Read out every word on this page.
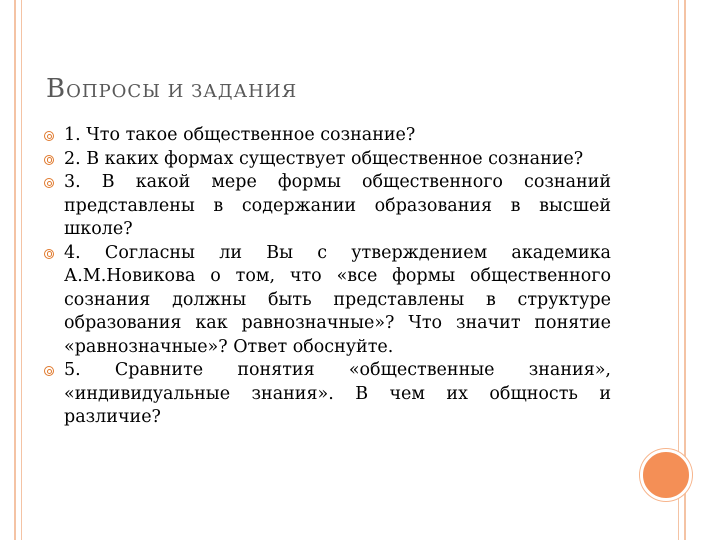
ВОПРОСЫ И ЗАДАНИЯ
1. Что такое общественное сознание?
2. В каких формах существует общественное сознание?
3. В какой мере формы общественного сознаний представлены в содержании образования в высшей школе?
4. Согласны ли Вы с утверждением академика А.М.Новикова о том, что «все формы общественного сознания должны быть представлены в структуре образования как равнозначные»? Что значит понятие «равнозначные»? Ответ обоснуйте.
5. Сравните понятия «общественные знания», «индивидуальные знания». В чем их общность и различие?
